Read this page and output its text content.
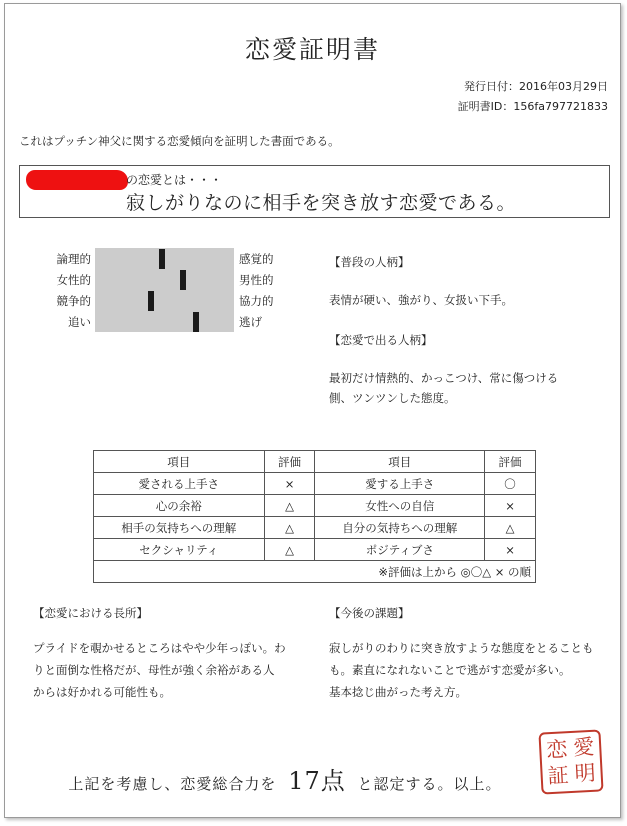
恋愛証明書
発行日付：2016年03月29日
証明書ID：156fa797721833
これはプッチン神父に関する恋愛傾向を証明した書面である。
の恋愛とは・・・
寂しがりなのに相手を突き放す恋愛である。
論理的	感覚的
女性的	男性的
競争的	協力的
追い	逃げ
【普段の人柄】
表情が硬い、強がり、女扱い下手。
【恋愛で出る人柄】
最初だけ情熱的、かっこつけ、常に傷つける
側、ツンツンした態度。
項目	評価	項目	評価
愛される上手さ	×	愛する上手さ	〇
心の余裕	△	女性への自信	×
相手の気持ちへの理解	△	自分の気持ちへの理解	△
セクシャリティ	△	ポジティブさ	×
※評価は上から ◎〇△ × の順			
【恋愛における長所】
プライドを覗かせるところはやや少年っぽい。わ
りと面倒な性格だが、母性が強く余裕がある人
からは好かれる可能性も。
【今後の課題】
寂しがりのわりに突き放すような態度をとることも
も。素直になれないことで逃がす恋愛が多い。
基本捻じ曲がった考え方。
上記を考慮し、恋愛総合力を 17点 と認定する。以上。
恋 愛
証 明
